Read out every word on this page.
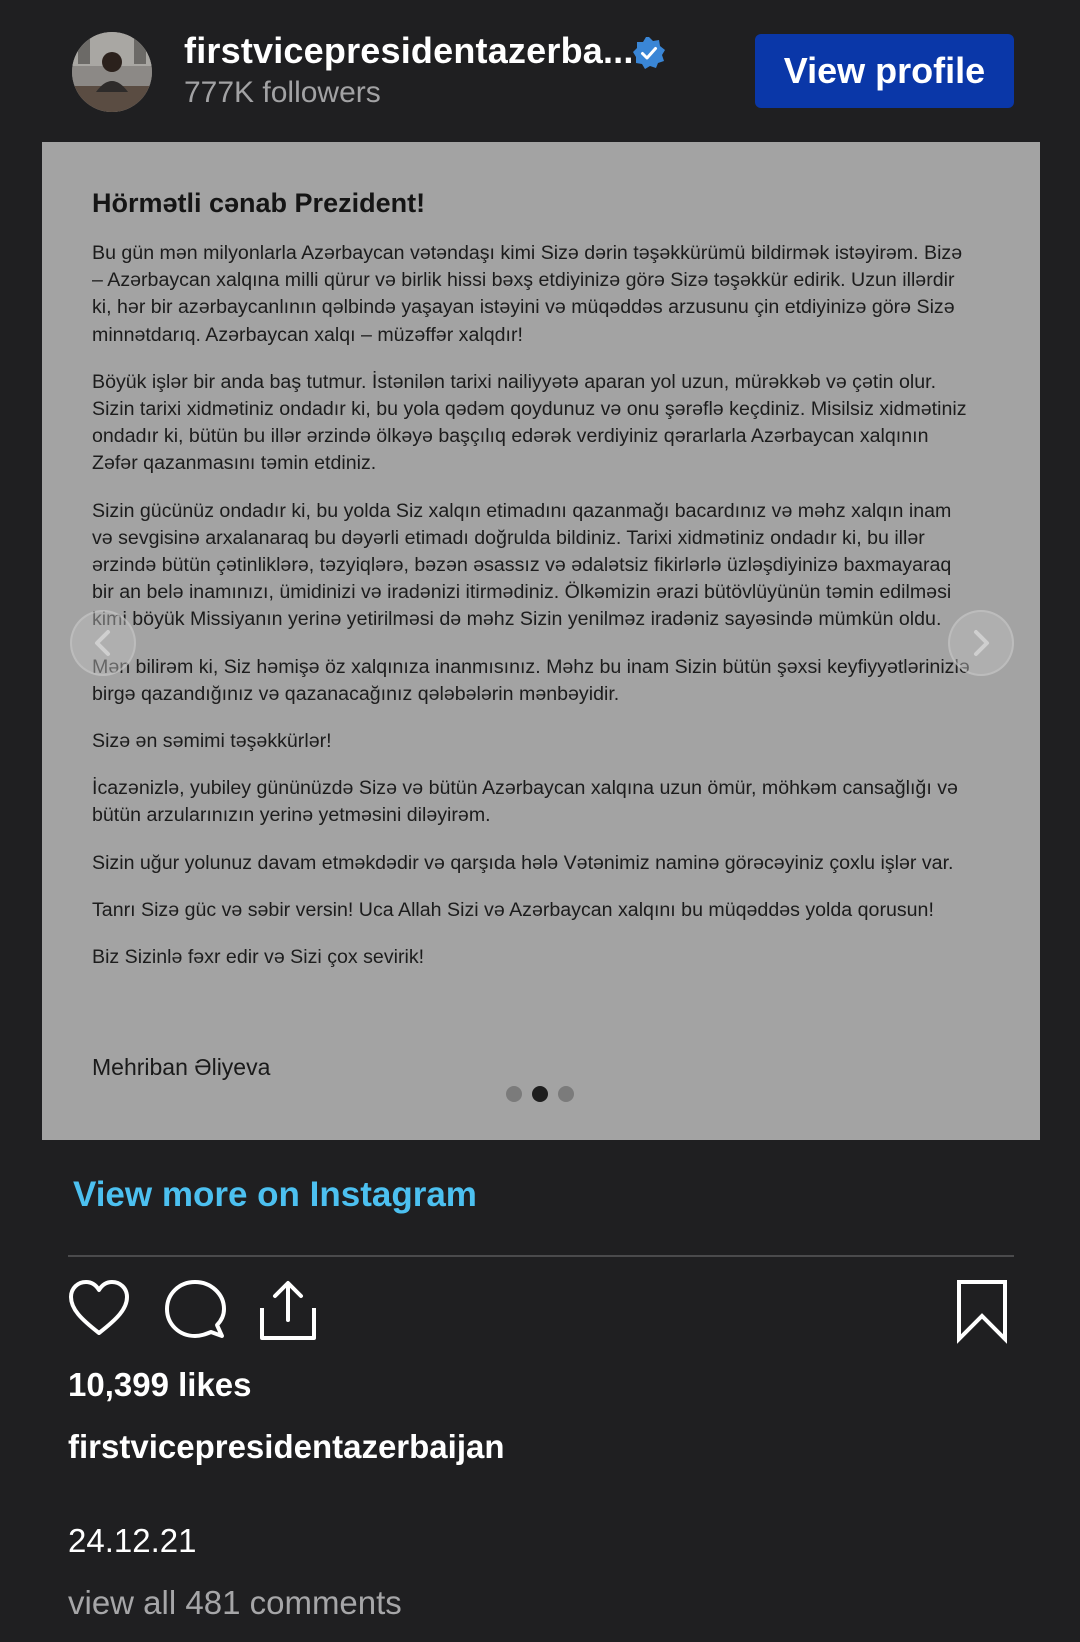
firstvicepresidentazerba...
777K followers
View profile
Hörmətli cənab Prezident!

Bu gün mən milyonlarla Azərbaycan vətəndaşı kimi Sizə dərin təşəkkürümü bildirmək istəyirəm. Bizə – Azərbaycan xalqına milli qürur və birlik hissi bəxş etdiyinizə görə Sizə təşəkkür edirik. Uzun illərdir ki, hər bir azərbaycanlının qəlbində yaşayan istəyini və müqəddəs arzusunu çin etdiyinizə görə Sizə minnətdarıq. Azərbaycan xalqı – müzəffər xalqdır!

Böyük işlər bir anda baş tutmur. İstənilən tarixi nailiyyətə aparan yol uzun, mürəkkəb və çətin olur. Sizin tarixi xidmətiniz ondadır ki, bu yola qədəm qoydunuz və onu şərəflə keçdiniz. Misilsiz xidmətiniz ondadır ki, bütün bu illər ərzində ölkəyə başçılıq edərək verdiyiniz qərarlarla Azərbaycan xalqının Zəfər qazanmasını təmin etdiniz.

Sizin gücünüz ondadır ki, bu yolda Siz xalqın etimadını qazanmağı bacardınız və məhz xalqın inam və sevgisinə arxalanaraq bu dəyərli etimadı doğrulda bildiniz. Tarixi xidmətiniz ondadır ki, bu illər ərzində bütün çətinliklərə, təzyiqlərə, bəzən əsassız və ədalətsiz fikirlərlə üzləşdiyinizə baxmayaraq bir an belə inamınızı, ümidinizi və iradənizi itirmədiniz. Ölkəmizin ərazi bütövlüyünün təmin edilməsi kimi böyük Missiyanın yerinə yetirilməsi də məhz Sizin yenilməz iradəniz sayəsində mümkün oldu.

Mən bilirəm ki, Siz həmişə öz xalqınıza inanmısınız. Məhz bu inam Sizin bütün şəxsi keyfiyyətlərinizlə birgə qazandığınız və qazanacağınız qələbələrin mənbəyidir.

Sizə ən səmimi təşəkkürlər!

İcazənizlə, yubiley gününüzdə Sizə və bütün Azərbaycan xalqına uzun ömür, möhkəm cansağlığı və bütün arzularınızın yerinə yetməsini diləyirəm.

Sizin uğur yolunuz davam etməkdədir və qarşıda hələ Vətənimiz naminə görəcəyiniz çoxlu işlər var.

Tanrı Sizə güc və səbir versin! Uca Allah Sizi və Azərbaycan xalqını bu müqəddəs yolda qorusun!

Biz Sizinlə fəxr edir və Sizi çox sevirik!

Mehriban Əliyeva
View more on Instagram
10,399 likes
firstvicepresidentazerbaijan
24.12.21
view all 481 comments
